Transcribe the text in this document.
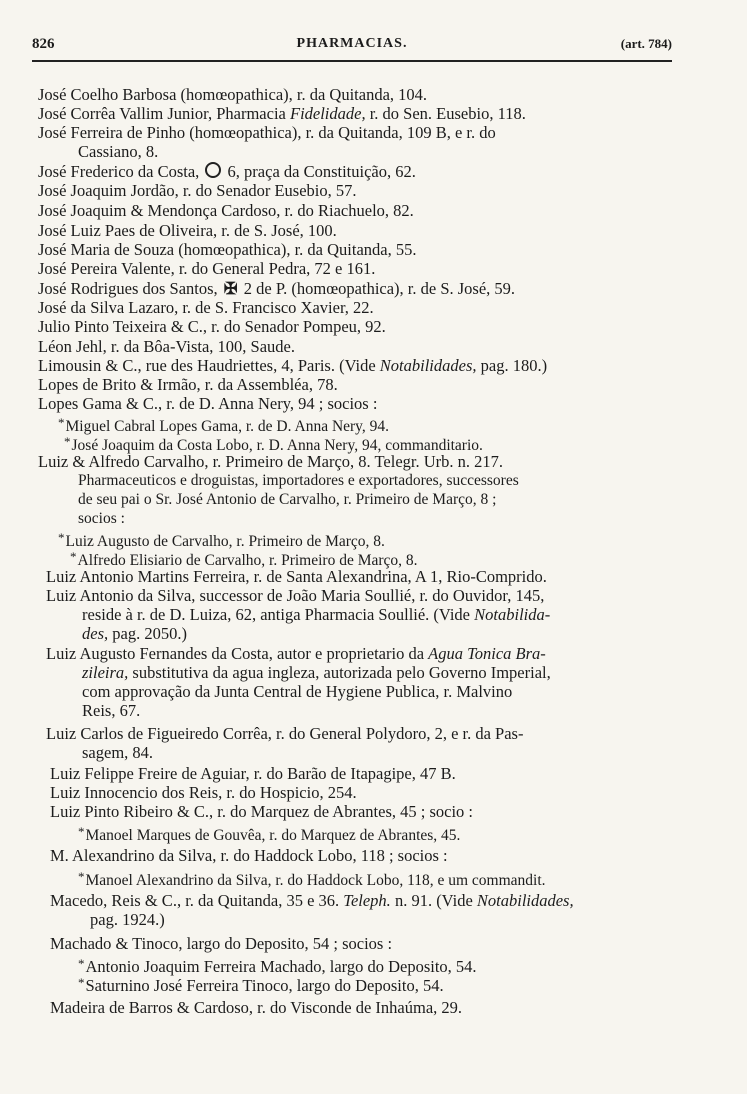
826	PHARMACIAS.	(art. 784)
José Coelho Barbosa (homœopathica), r. da Quitanda, 104.
José Corrêa Vallim Junior, Pharmacia Fidelidade, r. do Sen. Eusebio, 118.
José Ferreira de Pinho (homœopathica), r. da Quitanda, 109 B, e r. do
Cassiano, 8.
José Frederico da Costa,  6, praça da Constituição, 62.
José Joaquim Jordão, r. do Senador Eusebio, 57.
José Joaquim & Mendonça Cardoso, r. do Riachuelo, 82.
José Luiz Paes de Oliveira, r. de S. José, 100.
José Maria de Souza (homœopathica), r. da Quitanda, 55.
José Pereira Valente, r. do General Pedra, 72 e 161.
José Rodrigues dos Santos, ✠ 2 de P. (homœopathica), r. de S. José, 59.
José da Silva Lazaro, r. de S. Francisco Xavier, 22.
Julio Pinto Teixeira & C., r. do Senador Pompeu, 92.
Léon Jehl, r. da Bôa-Vista, 100, Saude.
Limousin & C., rue des Haudriettes, 4, Paris. (Vide Notabilidades, pag. 180.)
Lopes de Brito & Irmão, r. da Assembléa, 78.
Lopes Gama & C., r. de D. Anna Nery, 94 ; socios :
*Miguel Cabral Lopes Gama, r. de D. Anna Nery, 94.
*José Joaquim da Costa Lobo, r. D. Anna Nery, 94, commanditario.
Luiz & Alfredo Carvalho, r. Primeiro de Março, 8. Telegr. Urb. n. 217.
Pharmaceuticos e droguistas, importadores e exportadores, successores
de seu pai o Sr. José Antonio de Carvalho, r. Primeiro de Março, 8 ;
socios :
*Luiz Augusto de Carvalho, r. Primeiro de Março, 8.
*Alfredo Elisiario de Carvalho, r. Primeiro de Março, 8.
Luiz Antonio Martins Ferreira, r. de Santa Alexandrina, A 1, Rio-Comprido.
Luiz Antonio da Silva, successor de João Maria Soullié, r. do Ouvidor, 145,
reside à r. de D. Luiza, 62, antiga Pharmacia Soullié. (Vide Notabilida-
des, pag. 2050.)
Luiz Augusto Fernandes da Costa, autor e proprietario da Agua Tonica Bra-
zileira, substitutiva da agua ingleza, autorizada pelo Governo Imperial,
com approvação da Junta Central de Hygiene Publica, r. Malvino
Reis, 67.
Luiz Carlos de Figueiredo Corrêa, r. do General Polydoro, 2, e r. da Pas-
sagem, 84.
Luiz Felippe Freire de Aguiar, r. do Barão de Itapagipe, 47 B.
Luiz Innocencio dos Reis, r. do Hospicio, 254.
Luiz Pinto Ribeiro & C., r. do Marquez de Abrantes, 45 ; socio :
*Manoel Marques de Gouvêa, r. do Marquez de Abrantes, 45.
M. Alexandrino da Silva, r. do Haddock Lobo, 118 ; socios :
*Manoel Alexandrino da Silva, r. do Haddock Lobo, 118, e um commandit.
Macedo, Reis & C., r. da Quitanda, 35 e 36. Teleph. n. 91. (Vide Notabilidades,
pag. 1924.)
Machado & Tinoco, largo do Deposito, 54 ; socios :
*Antonio Joaquim Ferreira Machado, largo do Deposito, 54.
*Saturnino José Ferreira Tinoco, largo do Deposito, 54.
Madeira de Barros & Cardoso, r. do Visconde de Inhaúma, 29.
